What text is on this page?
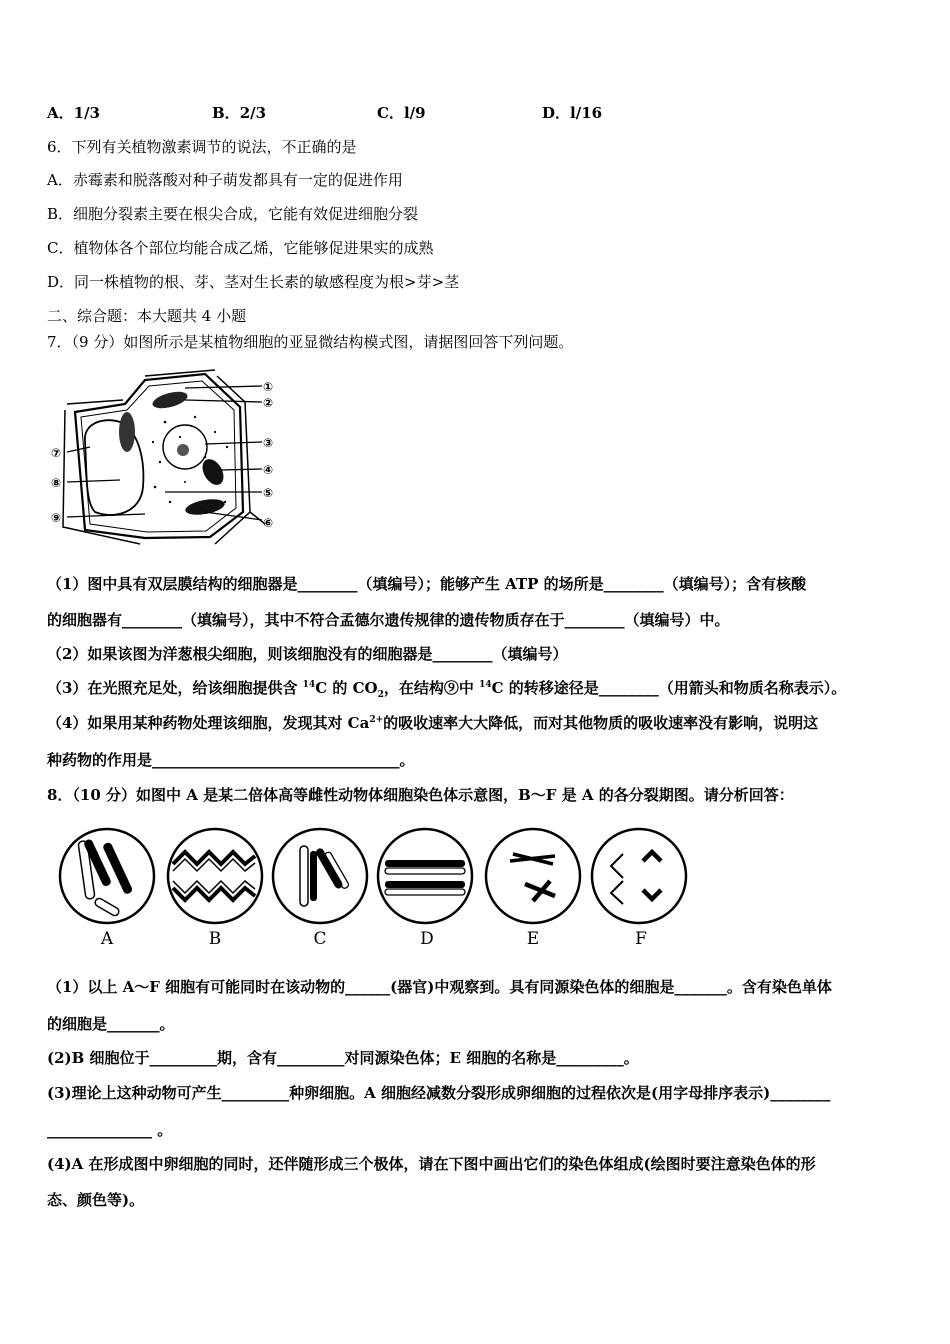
A．1/3	B．2/3	C．l/9	D．l/16
6．下列有关植物激素调节的说法，不正确的是
A．赤霉素和脱落酸对种子萌发都具有一定的促进作用
B．细胞分裂素主要在根尖合成，它能有效促进细胞分裂
C．植物体各个部位均能合成乙烯，它能够促进果实的成熟
D．同一株植物的根、芽、茎对生长素的敏感程度为根>芽>茎
二、综合题：本大题共 4 小题
7．（9 分）如图所示是某植物细胞的亚显微结构模式图，请据图回答下列问题。
①
②
③
④
⑤
⑥
⑦
⑧
⑨
（1）图中具有双层膜结构的细胞器是________（填编号）；能够产生 ATP 的场所是________（填编号）；含有核酸
的细胞器有________（填编号），其中不符合孟德尔遗传规律的遗传物质存在于________（填编号）中。
（2）如果该图为洋葱根尖细胞，则该细胞没有的细胞器是________（填编号）
（3）在光照充足处，给该细胞提供含 $^{14}$C 的 $CO_2$，在结构⑨中 $^{14}$C 的转移途径是________（用箭头和物质名称表示）。
（4）如果用某种药物处理该细胞，发现其对 $Ca^{2+}$的吸收速率大大降低，而对其他物质的吸收速率没有影响，说明这
种药物的作用是_________________________________。
8．（10 分）如图中 A 是某二倍体高等雌性动物体细胞染色体示意图，B～F 是 A 的各分裂期图。请分析回答：
A	B	C	D	E	F
（1）以上 A～F 细胞有可能同时在该动物的______(器官)中观察到。具有同源染色体的细胞是_______。含有染色单体
的细胞是_______。
(2)B 细胞位于_________期，含有_________对同源染色体；E 细胞的名称是_________。
(3)理论上这种动物可产生_________种卵细胞。A 细胞经减数分裂形成卵细胞的过程依次是(用字母排序表示)________
______________ 。
(4)A 在形成图中卵细胞的同时，还伴随形成三个极体，请在下图中画出它们的染色体组成(绘图时要注意染色体的形
态、颜色等)。
